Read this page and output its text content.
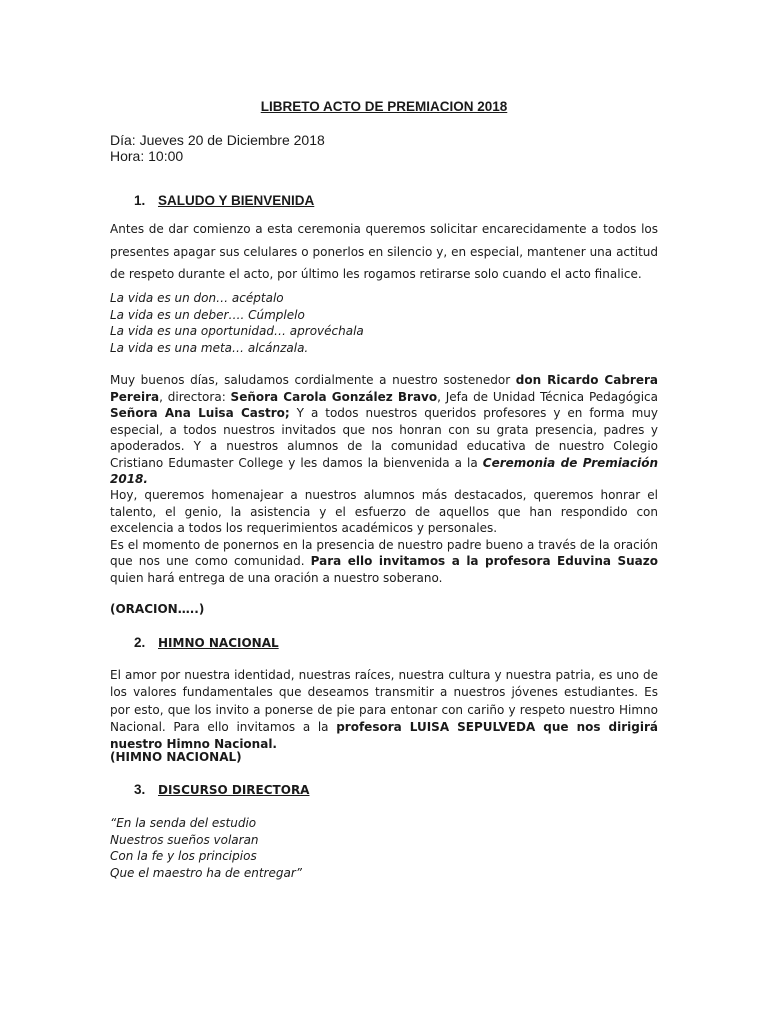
LIBRETO ACTO DE PREMIACION 2018
Día: Jueves 20 de Diciembre 2018
Hora: 10:00
1. SALUDO Y BIENVENIDA
Antes de dar comienzo a esta ceremonia queremos solicitar encarecidamente a todos los presentes apagar sus celulares o ponerlos en silencio y, en especial, mantener una actitud de respeto durante el acto, por último les rogamos retirarse solo cuando el acto finalice.
La vida es un don… acéptalo
La vida es un deber…. Cúmplelo
La vida es una oportunidad… aprovéchala
La vida es una meta… alcánzala.
Muy buenos días, saludamos cordialmente a nuestro sostenedor don Ricardo Cabrera Pereira, directora: Señora Carola González Bravo, Jefa de Unidad Técnica Pedagógica Señora Ana Luisa Castro; Y a todos nuestros queridos profesores y en forma muy especial, a todos nuestros invitados que nos honran con su grata presencia, padres y apoderados. Y a nuestros alumnos de la comunidad educativa de nuestro Colegio Cristiano Edumaster College y les damos la bienvenida a la Ceremonia de Premiación 2018.
Hoy, queremos homenajear a nuestros alumnos más destacados, queremos honrar el talento, el genio, la asistencia y el esfuerzo de aquellos que han respondido con excelencia a todos los requerimientos académicos y personales.
Es el momento de ponernos en la presencia de nuestro padre bueno a través de la oración que nos une como comunidad. Para ello invitamos a la profesora Eduvina Suazo quien hará entrega de una oración a nuestro soberano.
(ORACION…..)
2. HIMNO NACIONAL
El amor por nuestra identidad, nuestras raíces, nuestra cultura y nuestra patria, es uno de los valores fundamentales que deseamos transmitir a nuestros jóvenes estudiantes. Es por esto, que los invito a ponerse de pie para entonar con cariño y respeto nuestro Himno Nacional. Para ello invitamos a la profesora LUISA SEPULVEDA que nos dirigirá nuestro Himno Nacional.
(HIMNO NACIONAL)
3. DISCURSO DIRECTORA
“En la senda del estudio
Nuestros sueños volaran
Con la fe y los principios
Que el maestro ha de entregar”
